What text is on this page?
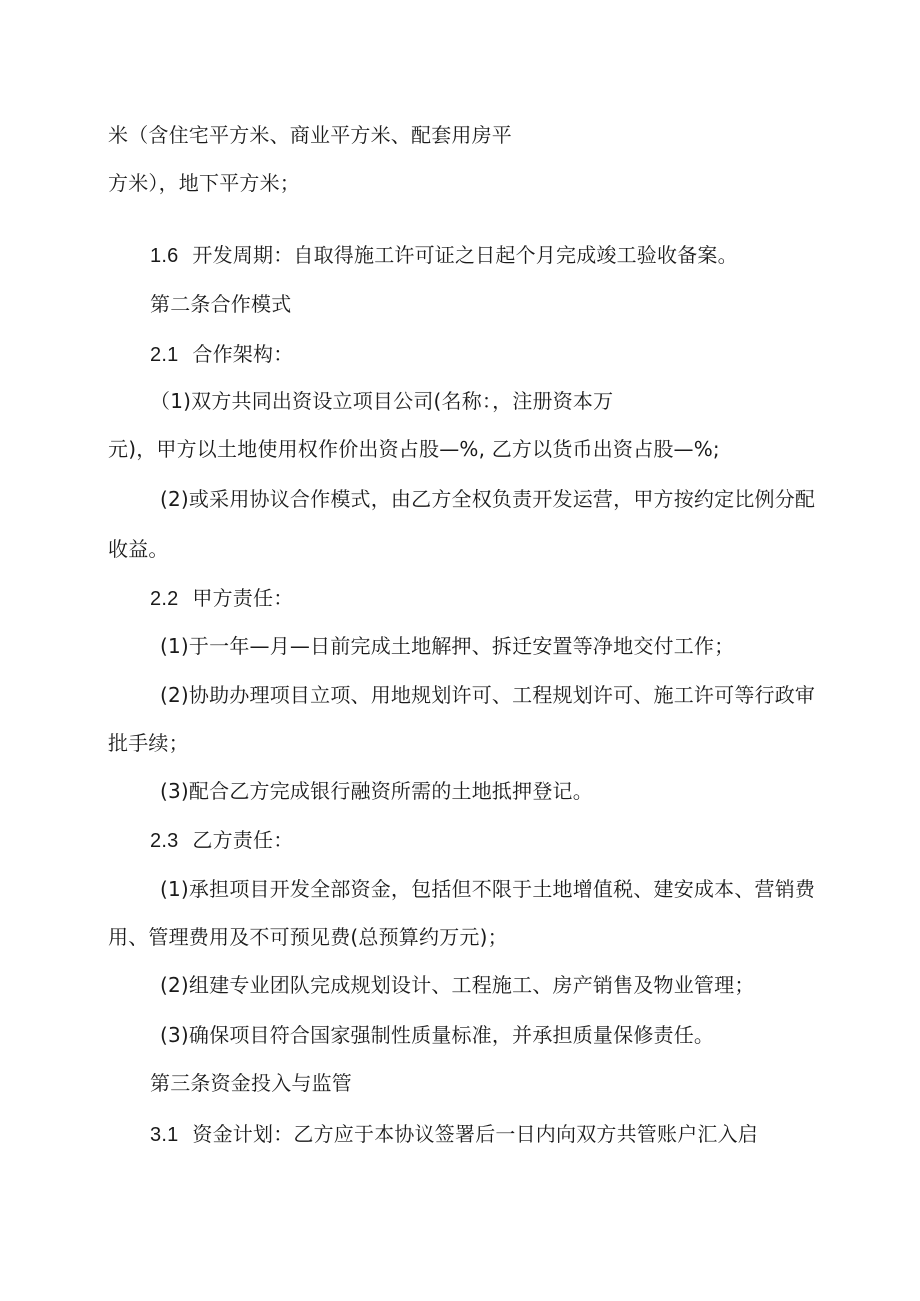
米（含住宅平方米、商业平方米、配套用房平
方米），地下平方米；
1.6 开发周期：自取得施工许可证之日起个月完成竣工验收备案。
第二条合作模式
2.1 合作架构：
（1)双方共同出资设立项目公司(名称：，注册资本万
元)，甲方以土地使用权作价出资占股—%, 乙方以货币出资占股—%;
(2)或采用协议合作模式，由乙方全权负责开发运营，甲方按约定比例分配
收益。
2.2 甲方责任：
(1)于一年—月—日前完成土地解押、拆迁安置等净地交付工作；
(2)协助办理项目立项、用地规划许可、工程规划许可、施工许可等行政审
批手续；
(3)配合乙方完成银行融资所需的土地抵押登记。
2.3 乙方责任：
(1)承担项目开发全部资金，包括但不限于土地增值税、建安成本、营销费
用、管理费用及不可预见费(总预算约万元)；
(2)组建专业团队完成规划设计、工程施工、房产销售及物业管理；
(3)确保项目符合国家强制性质量标准，并承担质量保修责任。
第三条资金投入与监管
3.1 资金计划：乙方应于本协议签署后一日内向双方共管账户汇入启
